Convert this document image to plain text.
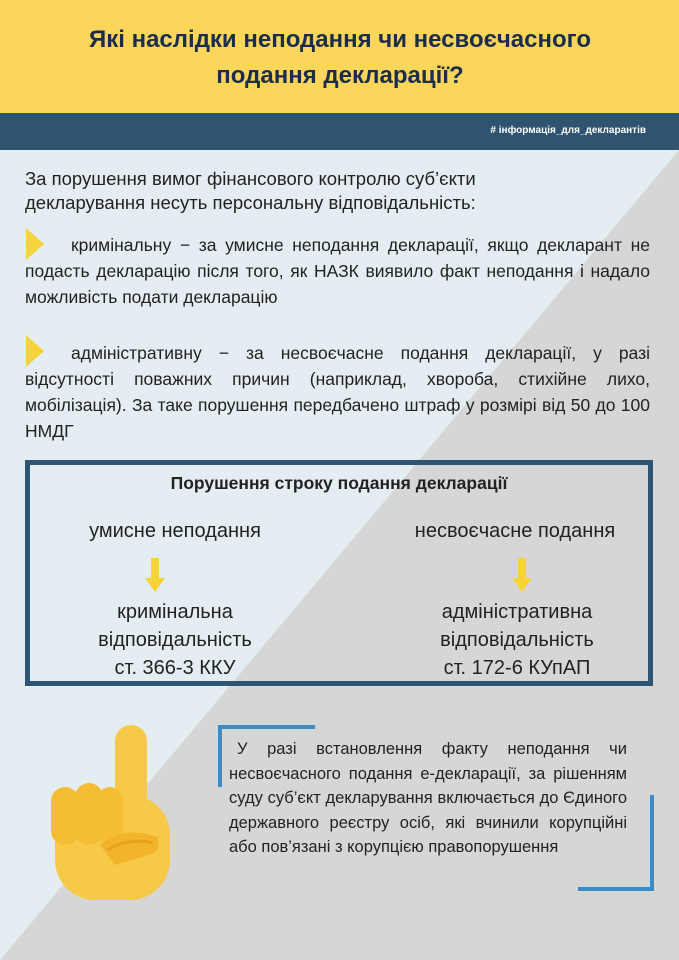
Які наслідки неподання чи несвоєчасного
подання декларації?
# інформація_для_декларантів
За порушення вимог фінансового контролю суб’єкти декларування несуть персональну відповідальність:
кримінальну − за умисне неподання декларації, якщо декларант не подасть декларацію після того, як НАЗК виявило факт неподання і надало можливість подати декларацію
адміністративну − за несвоєчасне подання декларації, у разі відсутності поважних причин (наприклад, хвороба, стихійне лихо, мобілізація). За таке порушення передбачено штраф у розмірі від 50 до 100 НМДГ
Порушення строку подання декларації
умисне неподання
кримінальна
відповідальність
ст. 366-3 ККУ
несвоєчасне подання
адміністративна
відповідальність
ст. 172-6 КУпАП
У разі встановлення факту неподання чи несвоєчасного подання е-декларації, за рішенням суду суб’єкт декларування включається до Єдиного державного реєстру осіб, які вчинили корупційні або пов’язані з корупцією правопорушення
